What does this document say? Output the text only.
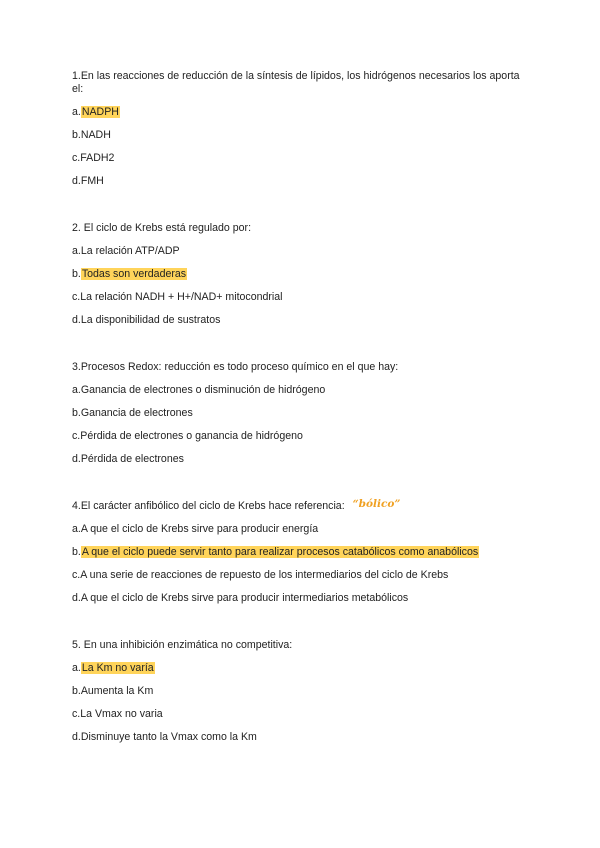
1.En las reacciones de reducción de la síntesis de lípidos, los hidrógenos necesarios los aporta el:

a.NADPH

b.NADH

c.FADH2

d.FMH

2. El ciclo de Krebs está regulado por:

a.La relación ATP/ADP

b.Todas son verdaderas

c.La relación NADH + H+/NAD+ mitocondrial

d.La disponibilidad de sustratos

3.Procesos Redox: reducción es todo proceso químico en el que hay:

a.Ganancia de electrones o disminución de hidrógeno

b.Ganancia de electrones

c.Pérdida de electrones o ganancia de hidrógeno

d.Pérdida de electrones

4.El carácter anfibólico del ciclo de Krebs hace referencia: “bólico”

a.A que el ciclo de Krebs sirve para producir energía

b.A que el ciclo puede servir tanto para realizar procesos catabólicos como anabólicos

c.A una serie de reacciones de repuesto de los intermediarios del ciclo de Krebs

d.A que el ciclo de Krebs sirve para producir intermediarios metabólicos

5. En una inhibición enzimática no competitiva:

a.La Km no varía

b.Aumenta la Km

c.La Vmax no varia

d.Disminuye tanto la Vmax como la Km
